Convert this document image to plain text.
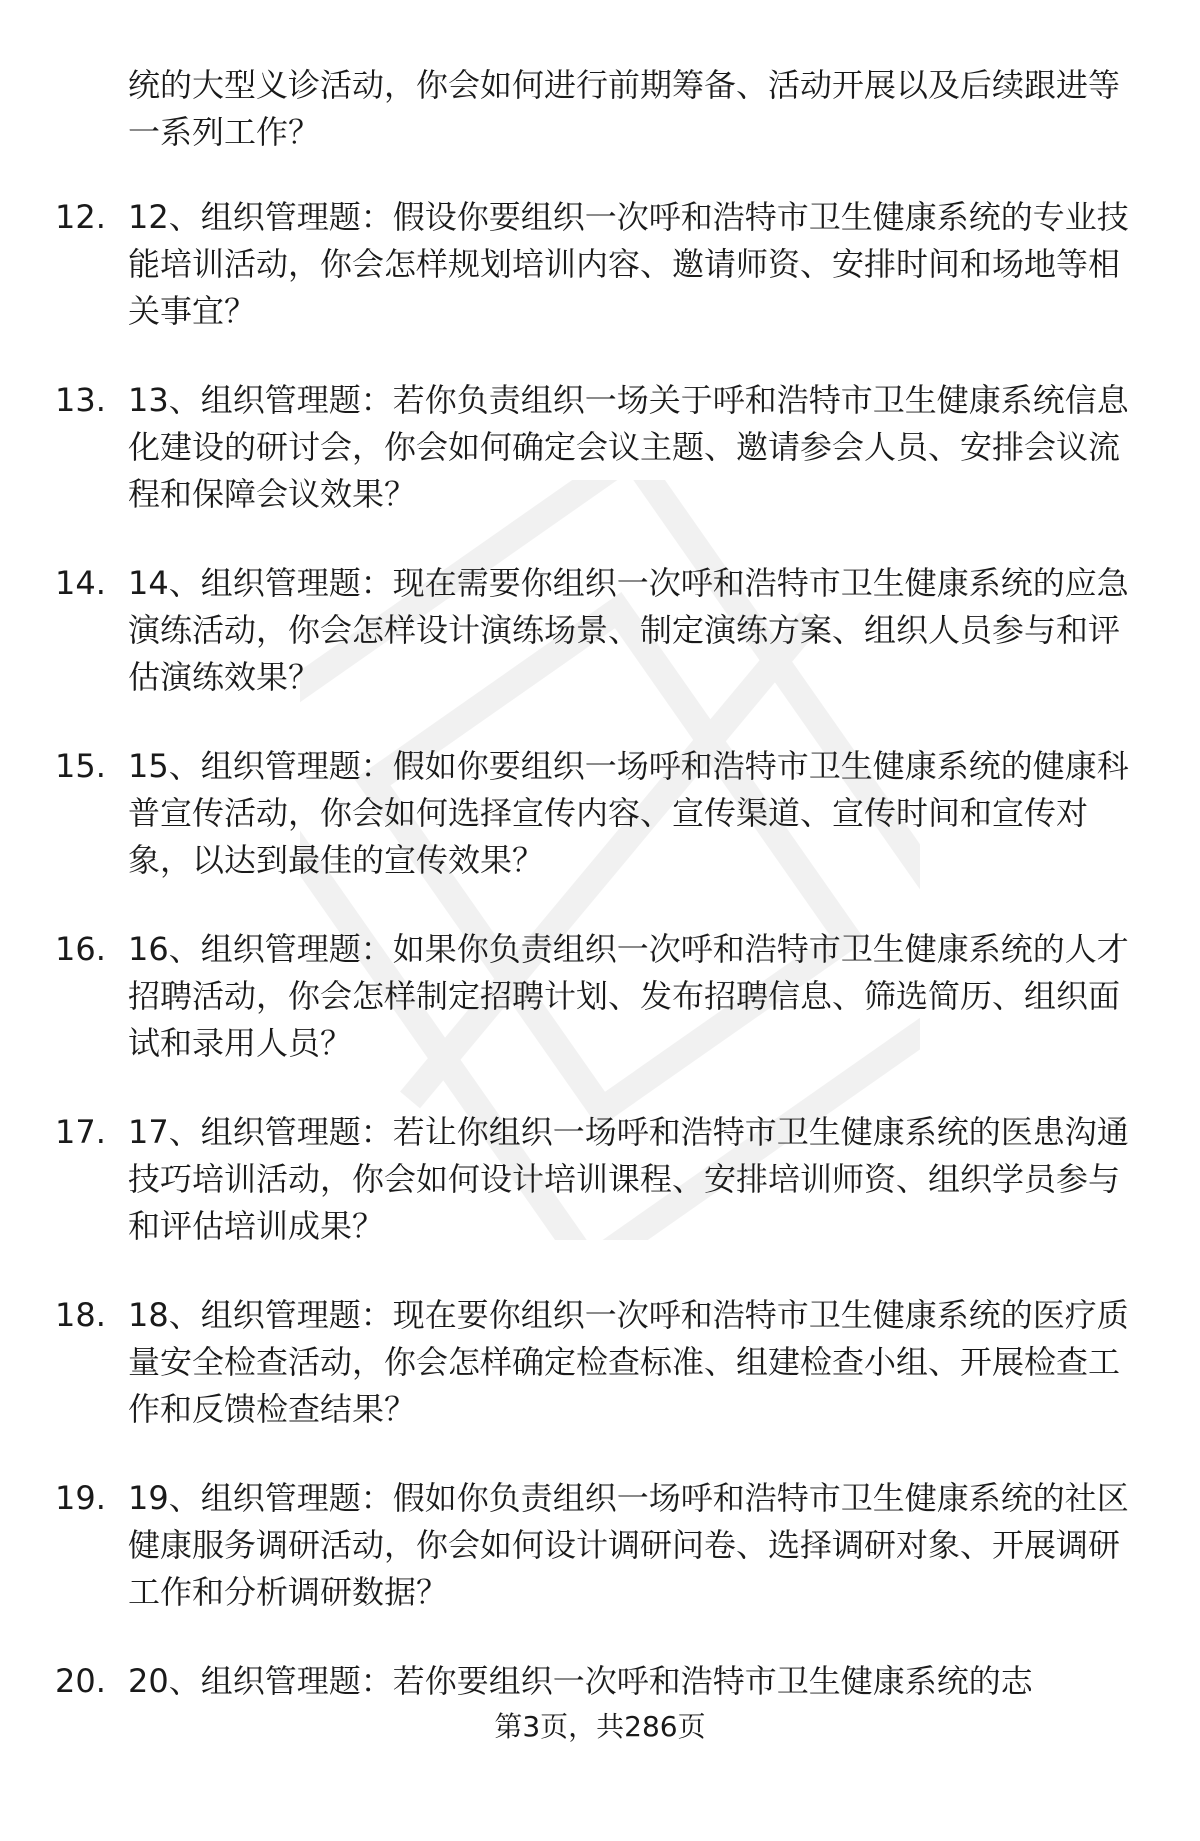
统的大型义诊活动，你会如何进行前期筹备、活动开展以及后续跟进等一系列工作？

12. 12、组织管理题：假设你要组织一次呼和浩特市卫生健康系统的专业技能培训活动，你会怎样规划培训内容、邀请师资、安排时间和场地等相关事宜？
13. 13、组织管理题：若你负责组织一场关于呼和浩特市卫生健康系统信息化建设的研讨会，你会如何确定会议主题、邀请参会人员、安排会议流程和保障会议效果？
14. 14、组织管理题：现在需要你组织一次呼和浩特市卫生健康系统的应急演练活动，你会怎样设计演练场景、制定演练方案、组织人员参与和评估演练效果？
15. 15、组织管理题：假如你要组织一场呼和浩特市卫生健康系统的健康科普宣传活动，你会如何选择宣传内容、宣传渠道、宣传时间和宣传对象，以达到最佳的宣传效果？
16. 16、组织管理题：如果你负责组织一次呼和浩特市卫生健康系统的人才招聘活动，你会怎样制定招聘计划、发布招聘信息、筛选简历、组织面试和录用人员？
17. 17、组织管理题：若让你组织一场呼和浩特市卫生健康系统的医患沟通技巧培训活动，你会如何设计培训课程、安排培训师资、组织学员参与和评估培训成果？
18. 18、组织管理题：现在要你组织一次呼和浩特市卫生健康系统的医疗质量安全检查活动，你会怎样确定检查标准、组建检查小组、开展检查工作和反馈检查结果？
19. 19、组织管理题：假如你负责组织一场呼和浩特市卫生健康系统的社区健康服务调研活动，你会如何设计调研问卷、选择调研对象、开展调研工作和分析调研数据？
20. 20、组织管理题：若你要组织一次呼和浩特市卫生健康系统的志
第3页，共286页
